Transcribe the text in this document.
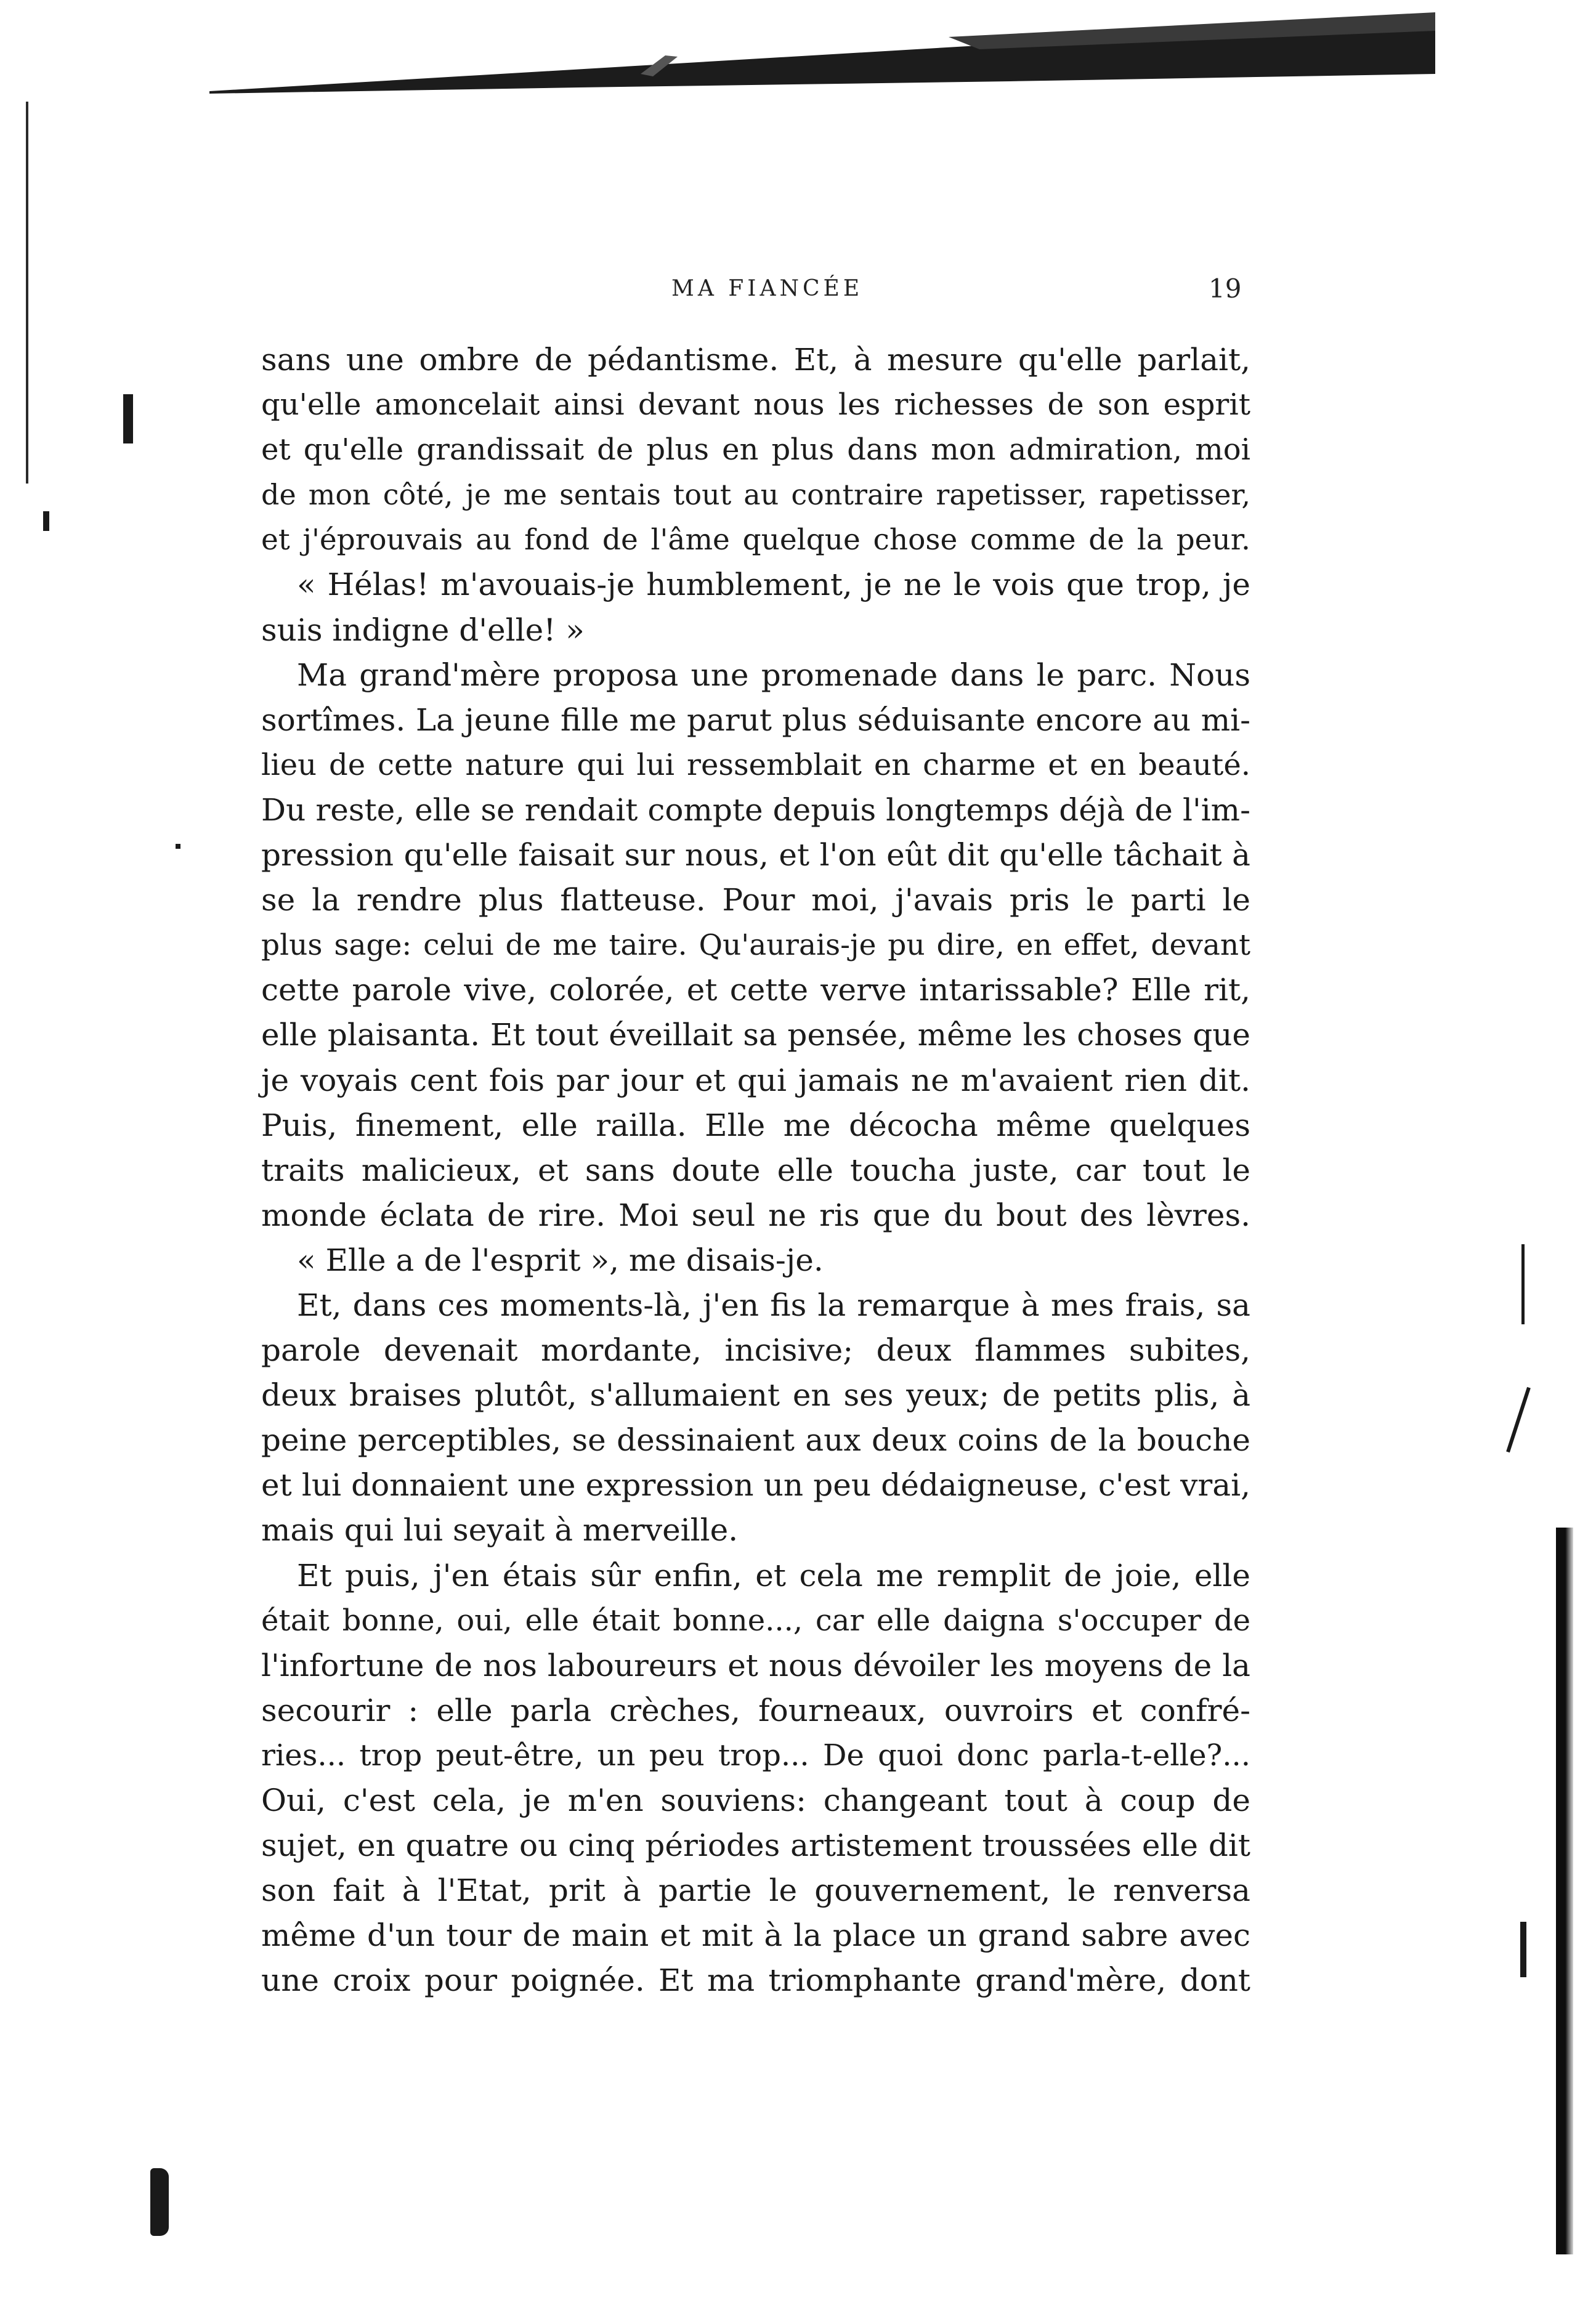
MA FIANCÉE	19
sans une ombre de pédantisme. Et, à mesure qu'elle parlait,
qu'elle amoncelait ainsi devant nous les richesses de son esprit
et qu'elle grandissait de plus en plus dans mon admiration, moi
de mon côté, je me sentais tout au contraire rapetisser, rapetisser,
et j'éprouvais au fond de l'âme quelque chose comme de la peur.
« Hélas! m'avouais-je humblement, je ne le vois que trop, je
suis indigne d'elle! »
Ma grand'mère proposa une promenade dans le parc. Nous
sortîmes. La jeune fille me parut plus séduisante encore au mi-
lieu de cette nature qui lui ressemblait en charme et en beauté.
Du reste, elle se rendait compte depuis longtemps déjà de l'im-
pression qu'elle faisait sur nous, et l'on eût dit qu'elle tâchait à
se la rendre plus flatteuse. Pour moi, j'avais pris le parti le
plus sage: celui de me taire. Qu'aurais-je pu dire, en effet, devant
cette parole vive, colorée, et cette verve intarissable? Elle rit,
elle plaisanta. Et tout éveillait sa pensée, même les choses que
je voyais cent fois par jour et qui jamais ne m'avaient rien dit.
Puis, finement, elle railla. Elle me décocha même quelques
traits malicieux, et sans doute elle toucha juste, car tout le
monde éclata de rire. Moi seul ne ris que du bout des lèvres.
« Elle a de l'esprit », me disais-je.
Et, dans ces moments-là, j'en fis la remarque à mes frais, sa
parole devenait mordante, incisive; deux flammes subites,
deux braises plutôt, s'allumaient en ses yeux; de petits plis, à
peine perceptibles, se dessinaient aux deux coins de la bouche
et lui donnaient une expression un peu dédaigneuse, c'est vrai,
mais qui lui seyait à merveille.
Et puis, j'en étais sûr enfin, et cela me remplit de joie, elle
était bonne, oui, elle était bonne..., car elle daigna s'occuper de
l'infortune de nos laboureurs et nous dévoiler les moyens de la
secourir : elle parla crèches, fourneaux, ouvroirs et confré-
ries... trop peut-être, un peu trop... De quoi donc parla-t-elle?...
Oui, c'est cela, je m'en souviens: changeant tout à coup de
sujet, en quatre ou cinq périodes artistement troussées elle dit
son fait à l'Etat, prit à partie le gouvernement, le renversa
même d'un tour de main et mit à la place un grand sabre avec
une croix pour poignée. Et ma triomphante grand'mère, dont
